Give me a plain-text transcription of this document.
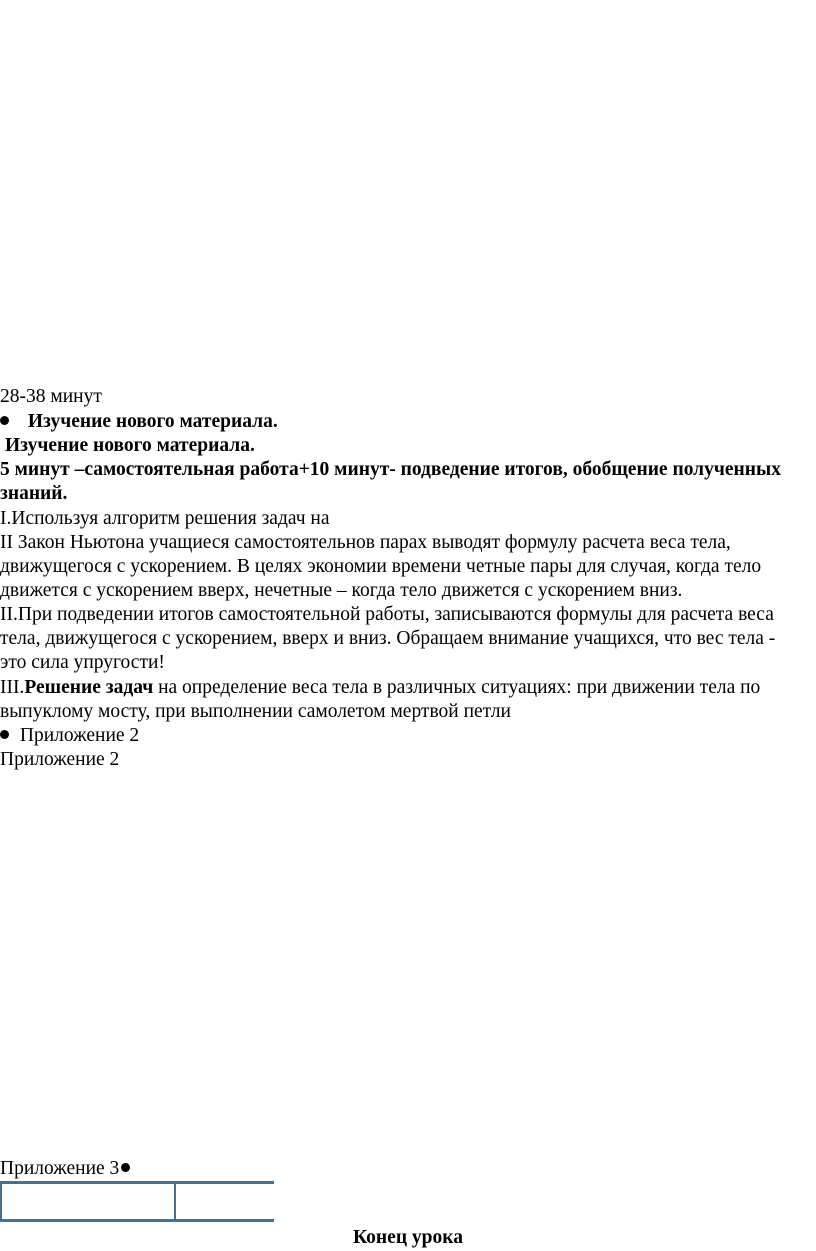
28-38 минут
Изучение нового материала.
Изучение нового материала.
5 минут –самостоятельная работа+10 минут- подведение итогов, обобщение полученных знаний.
I.Используя алгоритм решения задач на
II Закон Ньютона учащиеся самостоятельнов парах выводят формулу расчета веса тела, движущегося с ускорением. В целях экономии времени четные пары для случая, когда тело движется с ускорением вверх, нечетные – когда тело движется с ускорением вниз.
II.При подведении итогов самостоятельной работы, записываются формулы для расчета веса тела, движущегося с ускорением, вверх и вниз. Обращаем внимание учащихся, что вес тела - это сила упругости!
III.Решение задач на определение веса тела в различных ситуациях: при движении тела по выпуклому мосту, при выполнении самолетом мертвой петли
Приложение 2
Приложение 2
Приложение 3
Конец урока
